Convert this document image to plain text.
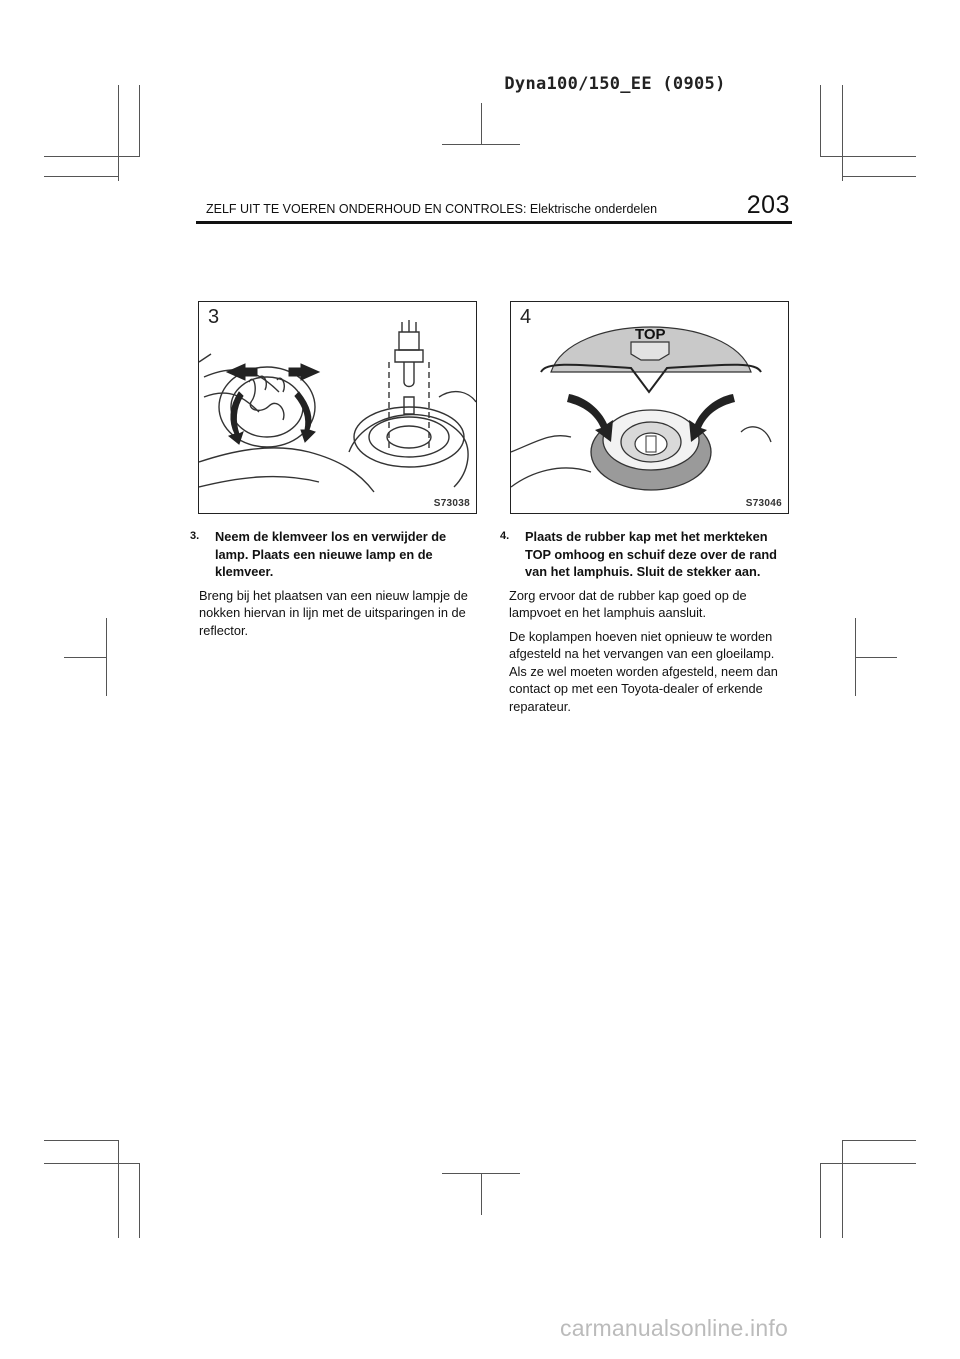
Dyna100/150_EE (0905)
ZELF UIT TE VOEREN ONDERHOUD EN CONTROLES: Elektrische onderdelen	203
3
S73038
4
TOP
S73046
3.	Neem de klemveer los en verwijder de lamp. Plaats een nieuwe lamp en de klemveer.

Breng bij het plaatsen van een nieuw lampje de nokken hiervan in lijn met de uitsparingen in de reflector.

4.	Plaats de rubber kap met het merkteken TOP omhoog en schuif deze over de rand van het lamphuis. Sluit de stekker aan.

Zorg ervoor dat de rubber kap goed op de lampvoet en het lamphuis aansluit.

De koplampen hoeven niet opnieuw te worden afgesteld na het vervangen van een gloeilamp. Als ze wel moeten worden afgesteld, neem dan contact op met een Toyota‐dealer of erkende reparateur.

carmanualsonline.info
